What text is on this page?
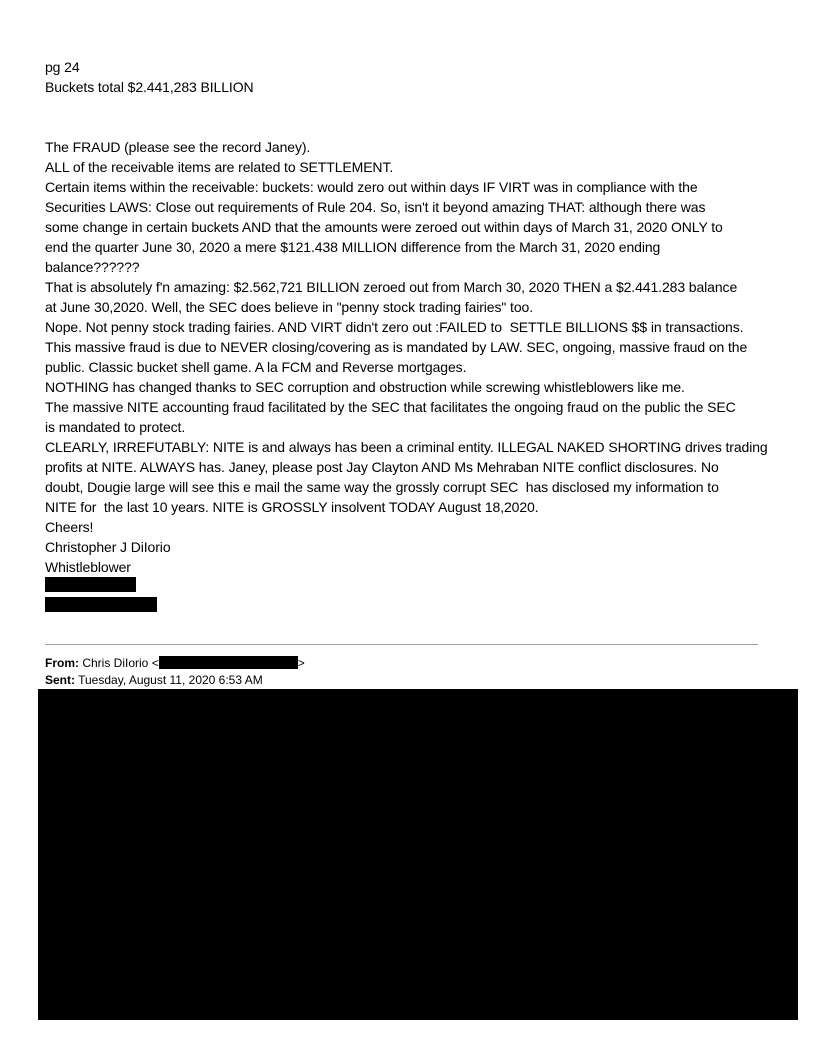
pg 24

Buckets total $2.441,283 BILLION

The FRAUD (please see the record Janey).

ALL of the receivable items are related to SETTLEMENT.

Certain items within the receivable: buckets: would zero out within days IF VIRT was in compliance with the

Securities LAWS: Close out requirements of Rule 204. So, isn't it beyond amazing THAT: although there was

some change in certain buckets AND that the amounts were zeroed out within days of March 31, 2020 ONLY to

end the quarter June 30, 2020 a mere $121.438 MILLION difference from the March 31, 2020 ending

balance??????

That is absolutely f'n amazing: $2.562,721 BILLION zeroed out from March 30, 2020 THEN a $2.441.283 balance

at June 30,2020. Well, the SEC does believe in "penny stock trading fairies" too.

Nope. Not penny stock trading fairies. AND VIRT didn't zero out :FAILED to  SETTLE BILLIONS $$ in transactions.

This massive fraud is due to NEVER closing/covering as is mandated by LAW. SEC, ongoing, massive fraud on the

public. Classic bucket shell game. A la FCM and Reverse mortgages.

NOTHING has changed thanks to SEC corruption and obstruction while screwing whistleblowers like me.

The massive NITE accounting fraud facilitated by the SEC that facilitates the ongoing fraud on the public the SEC

is mandated to protect.

CLEARLY, IRREFUTABLY: NITE is and always has been a criminal entity. ILLEGAL NAKED SHORTING drives trading

profits at NITE. ALWAYS has. Janey, please post Jay Clayton AND Ms Mehraban NITE conflict disclosures. No

doubt, Dougie large will see this e mail the same way the grossly corrupt SEC  has disclosed my information to

NITE for  the last 10 years. NITE is GROSSLY insolvent TODAY August 18,2020.

Cheers!

Christopher J DiIorio

Whistleblower

From: Chris DiIorio <	>

Sent: Tuesday, August 11, 2020 6:53 AM
